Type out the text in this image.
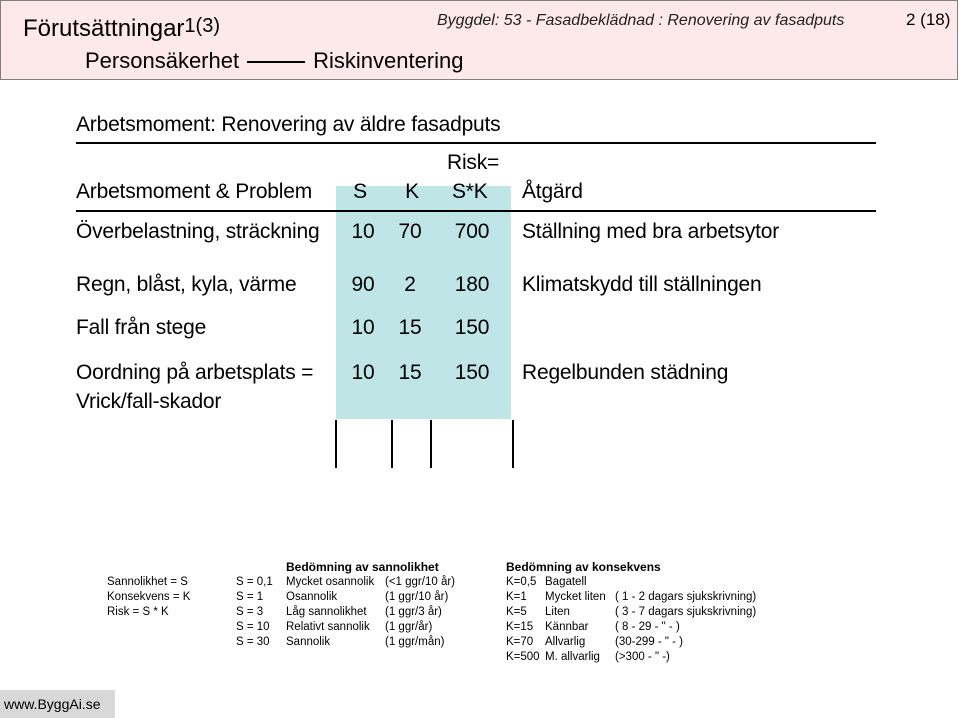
Förutsättningar 1(3)
Personsäkerhet	Riskinventering
Byggdel: 53 - Fasadbeklädnad : Renovering av fasadputs	2 (18)
Arbetsmoment: Renovering av äldre fasadputs
Arbetsmoment & Problem	S	K
Risk=
S*K Åtgärd
Överbelastning, sträckning	10	70	700 Ställning med bra arbetsytor
Regn, blåst, kyla, värme	90	2	180 Klimatskydd till ställningen
Fall från stege	10	15	150
Oordning på arbetsplats =
Vrick/fall-skador
10	15	150 Regelbunden städning
Sannolikhet = S
Konsekvens = K
Risk = S * K
Bedömning av sannolikhet
S = 0,1 Mycket osannolik (<1 ggr/10 år)
S = 1 Osannolik	(1 ggr/10 år)
S = 3 Låg sannolikhet (1 ggr/3 år)
S = 10 Relativt sannolik (1 ggr/år)
S = 30 Sannolik	(1 ggr/mån)
Bedömning av konsekvens
K=0,5 Bagatell
K=1 Mycket liten ( 1 - 2 dagars sjukskrivning)
K=5 Liten	( 3 - 7 dagars sjukskrivning)
K=15 Kännbar ( 8 - 29 - " - )
K=70 Allvarlig	(30-299 - " - )
K=500 M. allvarlig (>300 - " -)
www.ByggAi.se
